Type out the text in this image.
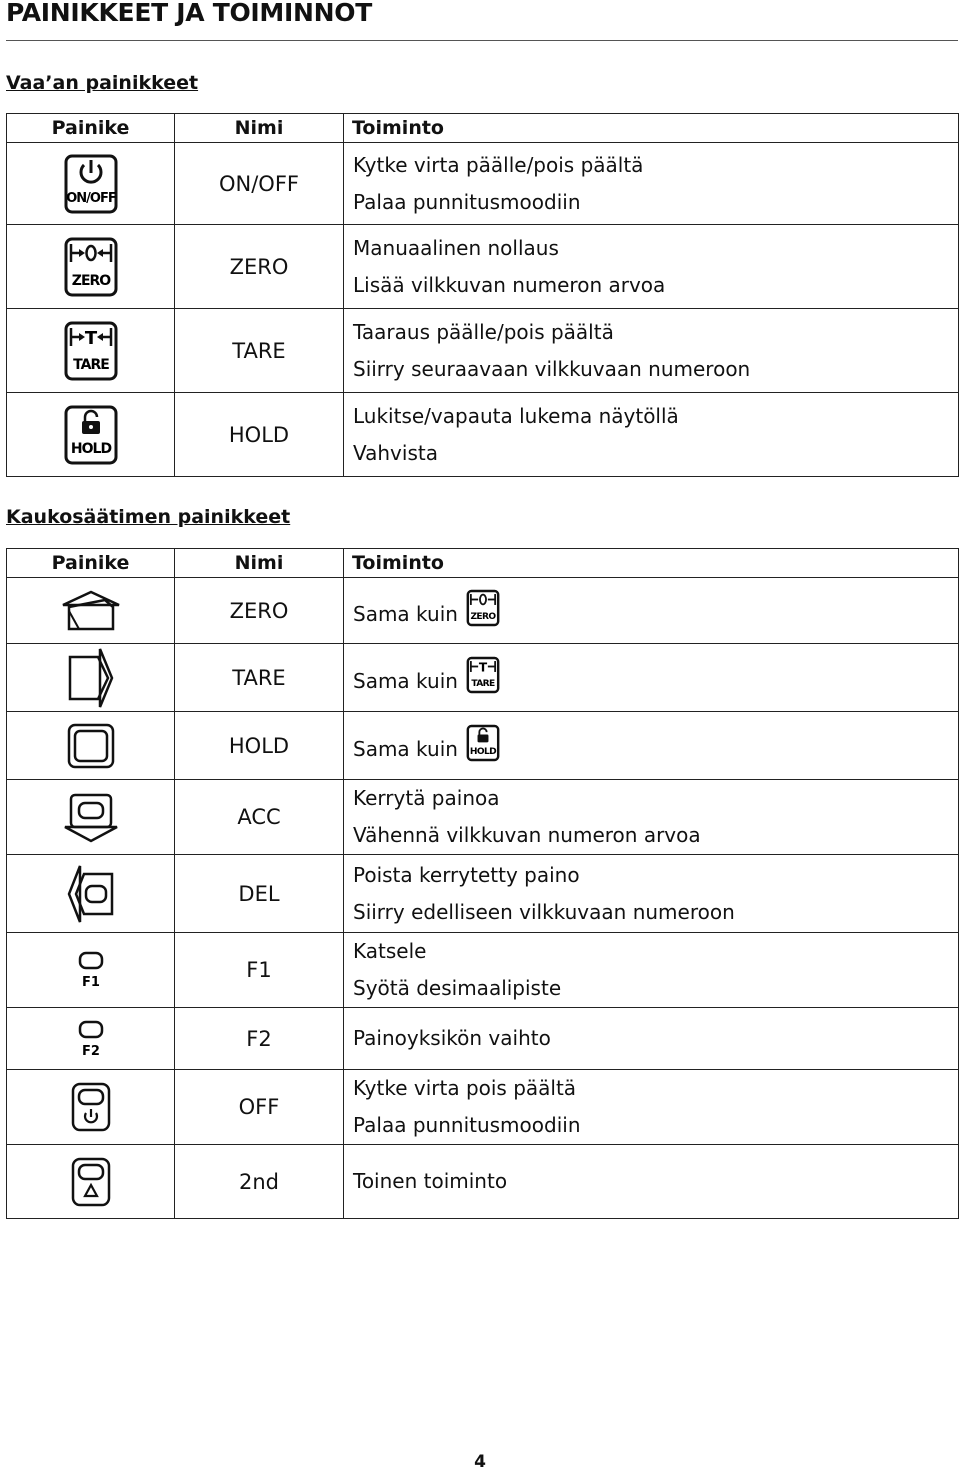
PAINIKKEET JA TOIMINNOT
Vaa’an painikkeet
Painike	Nimi	Toiminto

ON/OFF	ON/OFF	Kytke virta päälle/pois päältä
Palaa punnitusmoodiin

ZERO	ZERO	Manuaalinen nollaus
Lisää vilkkuvan numeron arvoa

T
TARE	TARE	Taaraus päälle/pois päältä
Siirry seuraavaan vilkkuvaan numeroon

HOLD	HOLD	Lukitse/vapauta lukema näytöllä
Vahvista
Kaukosäätimen painikkeet
Painike	Nimi	Toiminto
	ZERO	Sama kuin ZERO

	TARE	Sama kuin
T
TARE

	HOLD	Sama kuin HOLD

	ACC	Kerrytä painoa
Vähennä vilkkuvan numeron arvoa

	DEL	Poista kerrytetty paino
Siirry edelliseen vilkkuvaan numeroon

F1	F1	Katsele
Syötä desimaalipiste

F2	F2	Painoyksikön vaihto

	OFF	Kytke virta pois päältä
Palaa punnitusmoodiin

	2nd	Toinen toiminto
4
